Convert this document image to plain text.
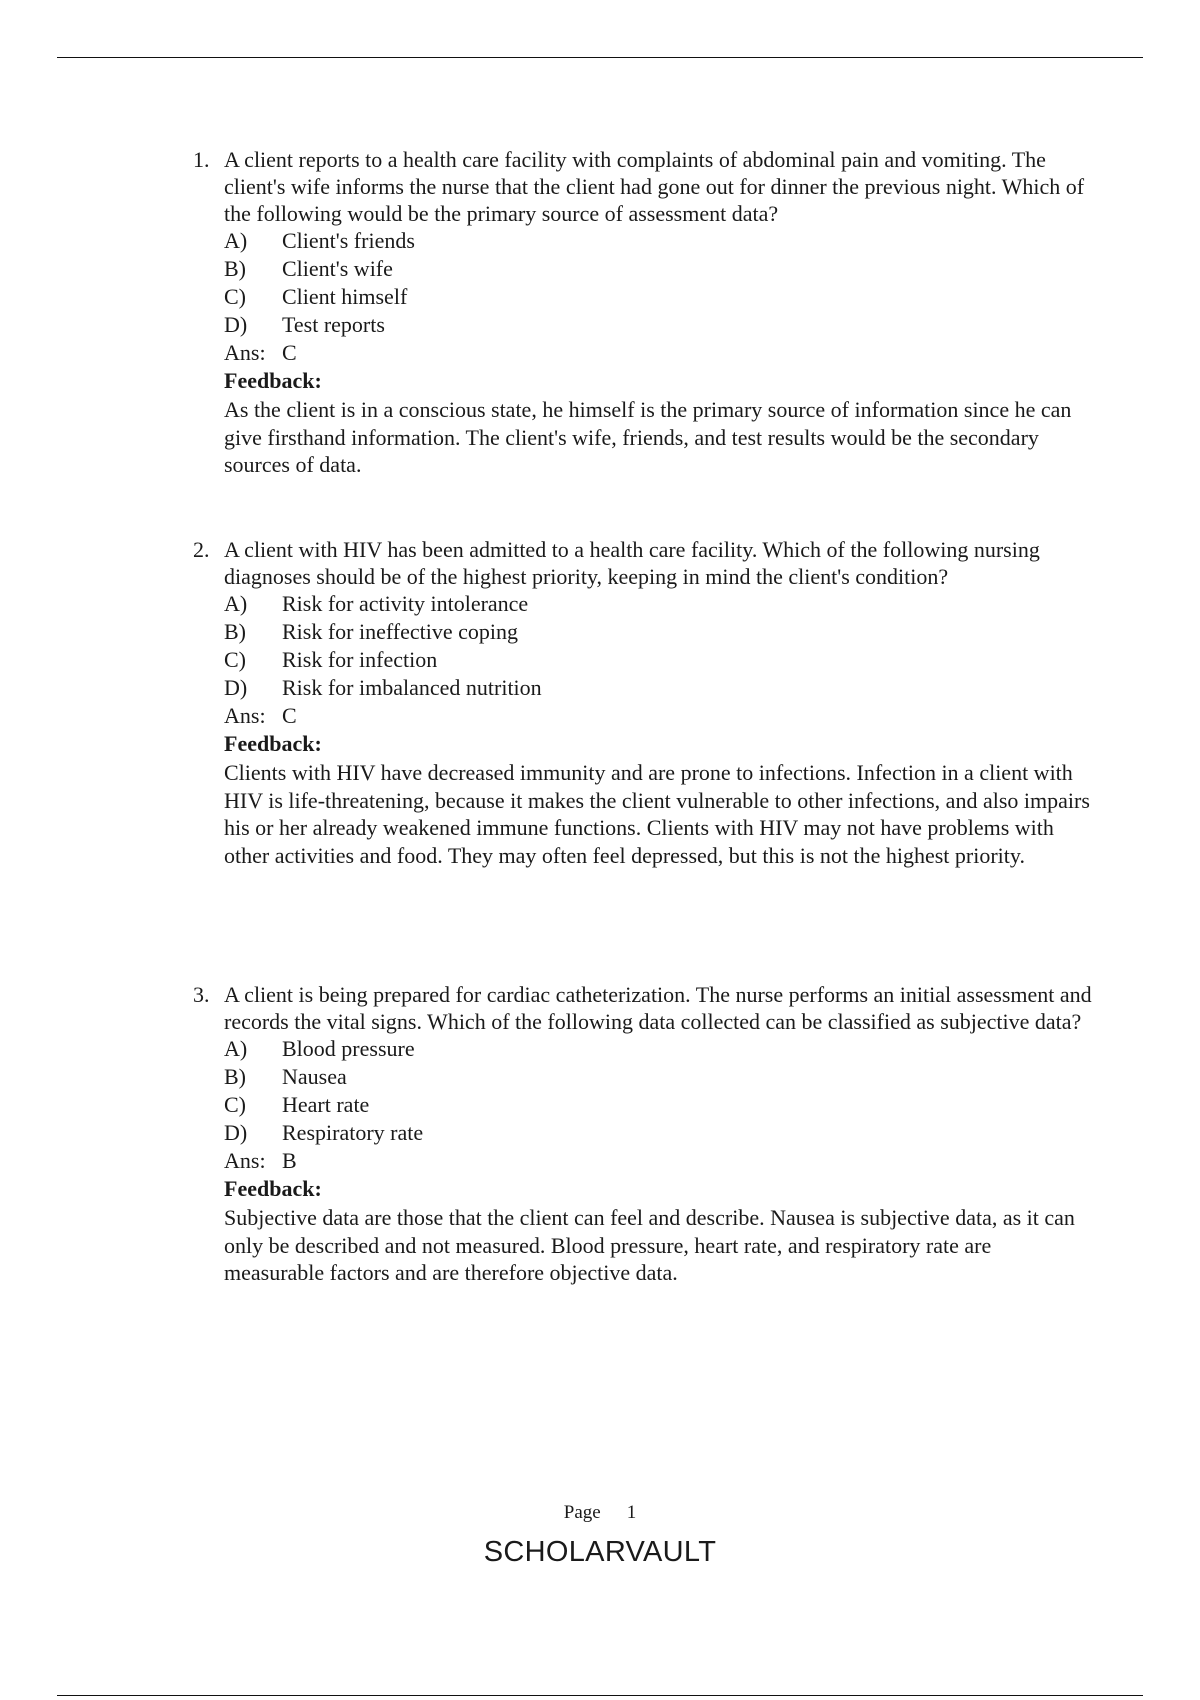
1. A client reports to a health care facility with complaints of abdominal pain and vomiting. The client's wife informs the nurse that the client had gone out for dinner the previous night. Which of the following would be the primary source of assessment data?

A)	Client's friends
B)	Client's wife
C)	Client himself
D)	Test reports
Ans: C
Feedback:
As the client is in a conscious state, he himself is the primary source of information since he can give firsthand information. The client's wife, friends, and test results would be the secondary sources of data.
2. A client with HIV has been admitted to a health care facility. Which of the following nursing diagnoses should be of the highest priority, keeping in mind the client's condition?

A)	Risk for activity intolerance
B)	Risk for ineffective coping
C)	Risk for infection
D)	Risk for imbalanced nutrition
Ans: C
Feedback:
Clients with HIV have decreased immunity and are prone to infections. Infection in a client with HIV is life-threatening, because it makes the client vulnerable to other infections, and also impairs his or her already weakened immune functions. Clients with HIV may not have problems with other activities and food. They may often feel depressed, but this is not the highest priority.
3. A client is being prepared for cardiac catheterization. The nurse performs an initial assessment and records the vital signs. Which of the following data collected can be classified as subjective data?

A)	Blood pressure
B)	Nausea
C)	Heart rate
D)	Respiratory rate
Ans: B
Feedback:
Subjective data are those that the client can feel and describe. Nausea is subjective data, as it can only be described and not measured. Blood pressure, heart rate, and respiratory rate are measurable factors and are therefore objective data.
Page 1
SCHOLARVAULT
